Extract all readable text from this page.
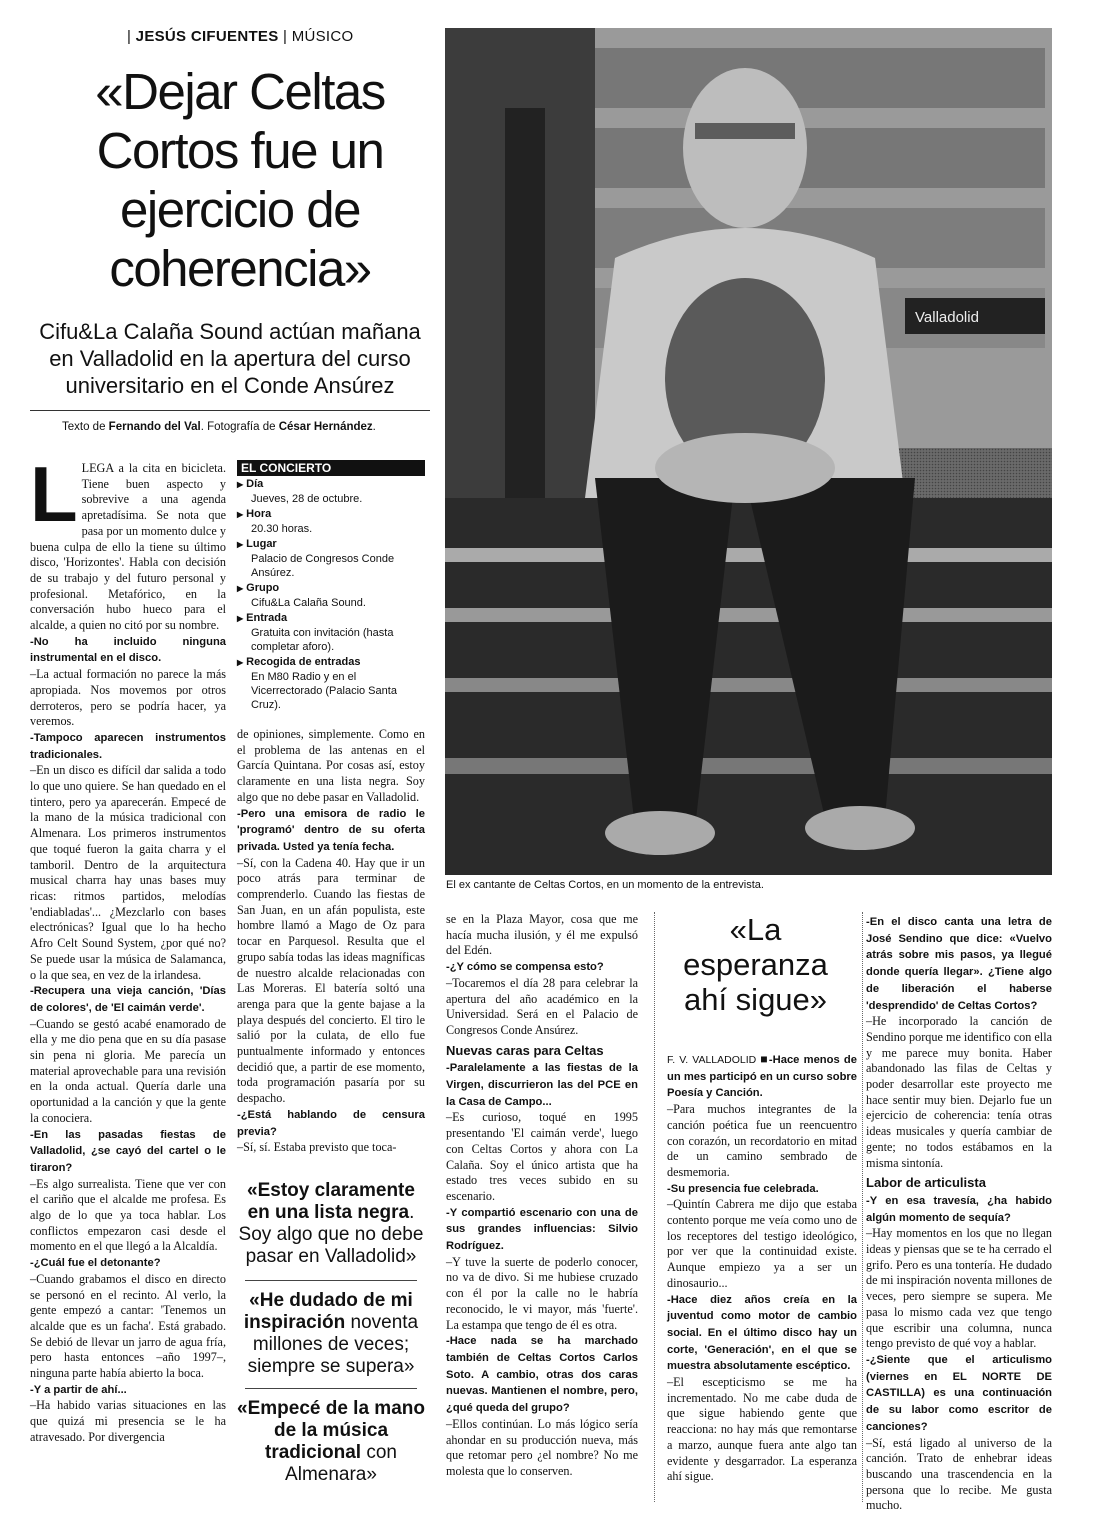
| JESÚS CIFUENTES | MÚSICO
«Dejar Celtas
Cortos fue un
ejercicio de
coherencia»
Cifu&La Calaña Sound actúan mañana
en Valladolid en la apertura del curso
universitario en el Conde Ansúrez
Texto de Fernando del Val. Fotografía de César Hernández.
Valladolid
El ex cantante de Celtas Cortos, en un momento de la entrevista.
L LEGA a la cita en bicicleta. Tiene buen aspecto y sobrevive a una agenda apretadísima. Se nota que pasa por un momento dulce y buena culpa de ello la tiene su último disco, 'Horizontes'. Habla con decisión de su trabajo y del futuro personal y profesional. Metafórico, en la conversación hubo hueco para el alcalde, a quien no citó por su nombre.

-No ha incluido ninguna instrumental en el disco.

–La actual formación no parece la más apropiada. Nos movemos por otros derroteros, pero se podría hacer, ya veremos.

-Tampoco aparecen instrumentos tradicionales.

–En un disco es difícil dar salida a todo lo que uno quiere. Se han quedado en el tintero, pero ya aparecerán. Empecé de la mano de la música tradicional con Almenara. Los primeros instrumentos que toqué fueron la gaita charra y el tamboril. Dentro de la arquitectura musical charra hay unas bases muy ricas: ritmos partidos, melodías 'endiabladas'... ¿Mezclarlo con bases electrónicas? Igual que lo ha hecho Afro Celt Sound System, ¿por qué no? Se puede usar la música de Salamanca, o la que sea, en vez de la irlandesa.

-Recupera una vieja canción, 'Días de colores', de 'El caimán verde'.

–Cuando se gestó acabé enamorado de ella y me dio pena que en su día pasase sin pena ni gloria. Me parecía un material aprovechable para una revisión en la onda actual. Quería darle una oportunidad a la canción y que la gente la conociera.

-En las pasadas fiestas de Valladolid, ¿se cayó del cartel o le tiraron?

–Es algo surrealista. Tiene que ver con el cariño que el alcalde me profesa. Es algo de lo que ya toca hablar. Los conflictos empezaron casi desde el momento en el que llegó a la Alcaldía.

-¿Cuál fue el detonante?

–Cuando grabamos el disco en directo se personó en el recinto. Al verlo, la gente empezó a cantar: 'Tenemos un alcalde que es un facha'. Está grabado. Se debió de llevar un jarro de agua fría, pero hasta entonces –año 1997–, ninguna parte había abierto la boca.

-Y a partir de ahí...

–Ha habido varias situaciones en las que quizá mi presencia se le ha atravesado. Por divergencia

EL CONCIERTO
▶ Día
Jueves, 28 de octubre.
▶ Hora
20.30 horas.
▶ Lugar
Palacio de Congresos Conde Ansúrez.
▶ Grupo
Cifu&La Calaña Sound.
▶ Entrada
Gratuita con invitación (hasta completar aforo).
▶ Recogida de entradas
En M80 Radio y en el Vicerrectorado (Palacio Santa Cruz).

de opiniones, simplemente. Como en el problema de las antenas en el García Quintana. Por cosas así, estoy claramente en una lista negra. Soy algo que no debe pasar en Valladolid.

-Pero una emisora de radio le 'programó' dentro de su oferta privada. Usted ya tenía fecha.

–Sí, con la Cadena 40. Hay que ir un poco atrás para terminar de comprenderlo. Cuando las fiestas de San Juan, en un afán populista, este hombre llamó a Mago de Oz para tocar en Parquesol. Resulta que el grupo sabía todas las ideas magníficas de nuestro alcalde relacionadas con Las Moreras. El batería soltó una arenga para que la gente bajase a la playa después del concierto. El tiro le salió por la culata, de ello fue puntualmente informado y entonces decidió que, a partir de ese momento, toda programación pasaría por su despacho.

-¿Está hablando de censura previa?

–Sí, sí. Estaba previsto que toca-

«Estoy claramente en una lista negra. Soy algo que no debe pasar en Valladolid»
«He dudado de mi inspiración noventa millones de veces; siempre se supera»
«Empecé de la mano de la música tradicional con Almenara»

se en la Plaza Mayor, cosa que me hacía mucha ilusión, y él me expulsó del Edén.

-¿Y cómo se compensa esto?

–Tocaremos el día 28 para celebrar la apertura del año académico en la Universidad. Será en el Palacio de Congresos Conde Ansúrez.

Nuevas caras para Celtas

-Paralelamente a las fiestas de la Virgen, discurrieron las del PCE en la Casa de Campo...

–Es curioso, toqué en 1995 presentando 'El caimán verde', luego con Celtas Cortos y ahora con La Calaña. Soy el único artista que ha estado tres veces subido en su escenario.

-Y compartió escenario con una de sus grandes influencias: Silvio Rodríguez.

–Y tuve la suerte de poderlo conocer, no va de divo. Si me hubiese cruzado con él por la calle no le habría reconocido, le vi mayor, más 'fuerte'. La estampa que tengo de él es otra.

-Hace nada se ha marchado también de Celtas Cortos Carlos Soto. A cambio, otras dos caras nuevas. Mantienen el nombre, pero, ¿qué queda del grupo?

–Ellos continúan. Lo más lógico sería ahondar en su producción nueva, más que retomar pero ¿el nombre? No me molesta que lo conserven.

«La esperanza ahí sigue»

F. V. VALLADOLID ■-Hace menos de un mes participó en un curso sobre Poesía y Canción.

–Para muchos integrantes de la canción poética fue un reencuentro con corazón, un recordatorio en mitad de un camino sembrado de desmemoria.

-Su presencia fue celebrada.

–Quintín Cabrera me dijo que estaba contento porque me veía como uno de los receptores del testigo ideológico, por ver que la continuidad existe. Aunque empiezo ya a ser un dinosaurio...

-Hace diez años creía en la juventud como motor de cambio social. En el último disco hay un corte, 'Generación', en el que se muestra absolutamente escéptico.

–El escepticismo se me ha incrementado. No me cabe duda de que sigue habiendo gente que reacciona: no hay más que remontarse a marzo, aunque fuera ante algo tan evidente y desgarrador. La esperanza ahí sigue.

-En el disco canta una letra de José Sendino que dice: «Vuelvo atrás sobre mis pasos, ya llegué donde quería llegar». ¿Tiene algo de liberación el haberse 'desprendido' de Celtas Cortos?

–He incorporado la canción de Sendino porque me identifico con ella y me parece muy bonita. Haber abandonado las filas de Celtas y poder desarrollar este proyecto me hace sentir muy bien. Dejarlo fue un ejercicio de coherencia: tenía otras ideas musicales y quería cambiar de gente; no todos estábamos en la misma sintonía.

Labor de articulista

-Y en esa travesía, ¿ha habido algún momento de sequía?

–Hay momentos en los que no llegan ideas y piensas que se te ha cerrado el grifo. Pero es una tontería. He dudado de mi inspiración noventa millones de veces, pero siempre se supera. Me pasa lo mismo cada vez que tengo que escribir una columna, nunca tengo previsto de qué voy a hablar.

-¿Siente que el articulismo (viernes en EL NORTE DE CASTILLA) es una continuación de su labor como escritor de canciones?

–Sí, está ligado al universo de la canción. Trato de enhebrar ideas buscando una trascendencia en la persona que lo recibe. Me gusta mucho.
